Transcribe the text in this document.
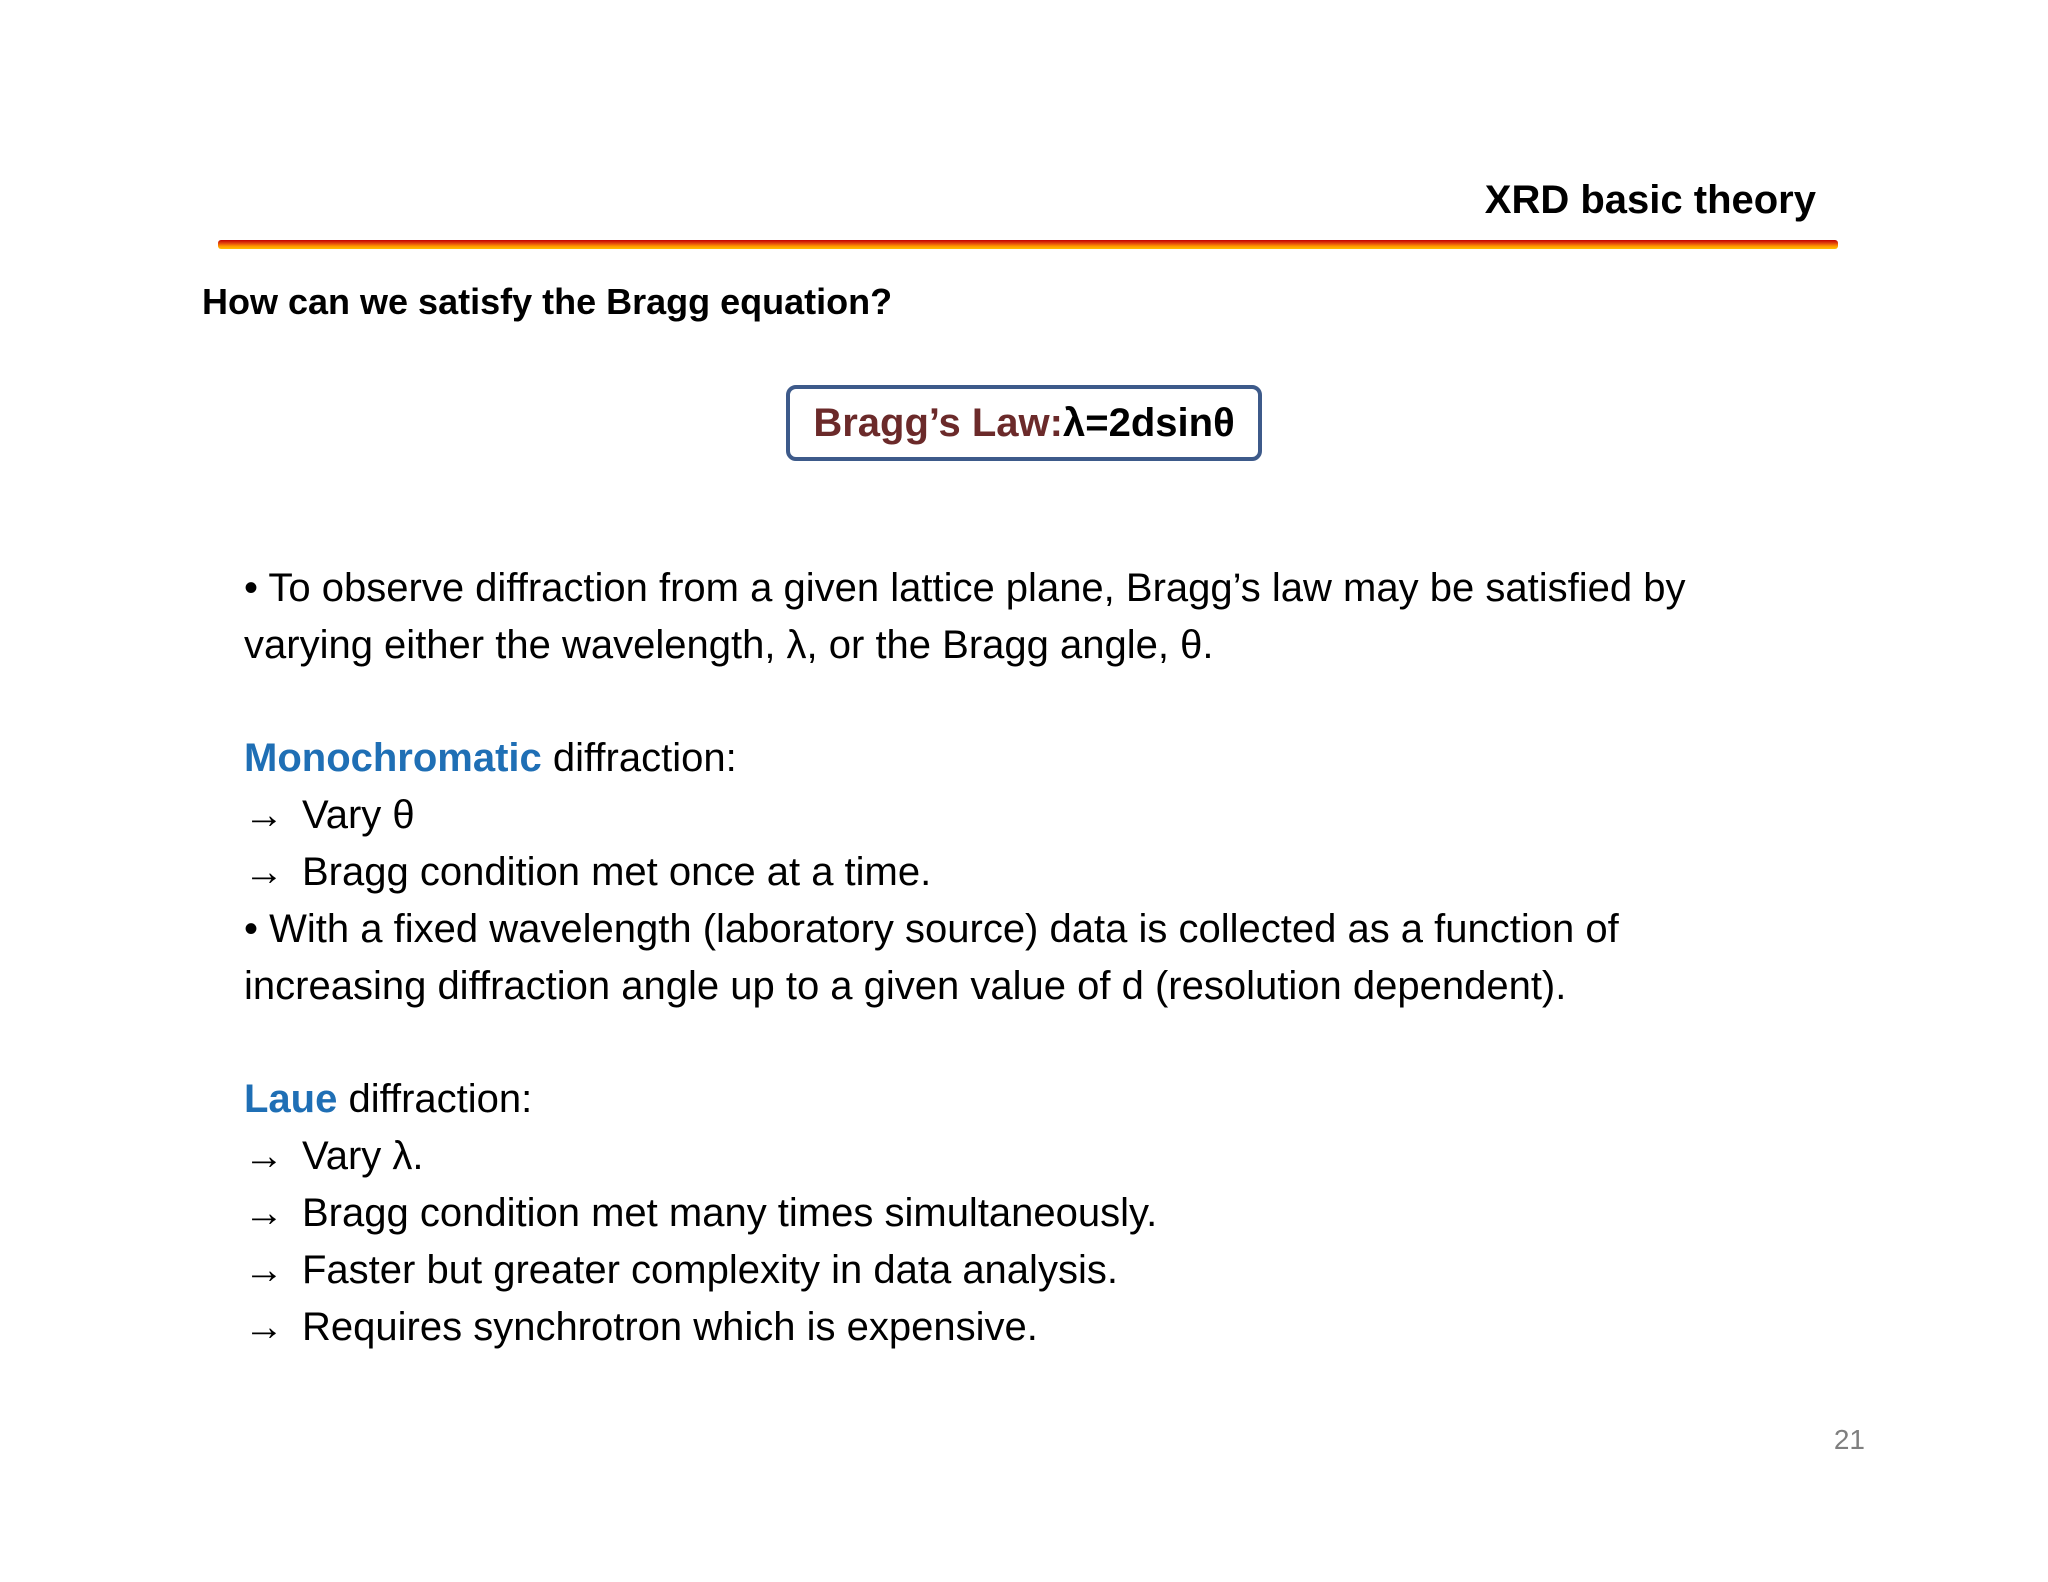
XRD basic theory
How can we satisfy the Bragg equation?
Bragg’s Law: λ=2dsinθ
• To observe diffraction from a given lattice plane, Bragg’s law may be satisfied by
varying either the wavelength, λ, or the Bragg angle, θ.
Monochromatic diffraction:
→ Vary θ
→ Bragg condition met once at a time.
• With a fixed wavelength (laboratory source) data is collected as a function of
increasing diffraction angle up to a given value of d (resolution dependent).
Laue diffraction:
→ Vary λ.
→ Bragg condition met many times simultaneously.
→ Faster but greater complexity in data analysis.
→ Requires synchrotron which is expensive.
21
